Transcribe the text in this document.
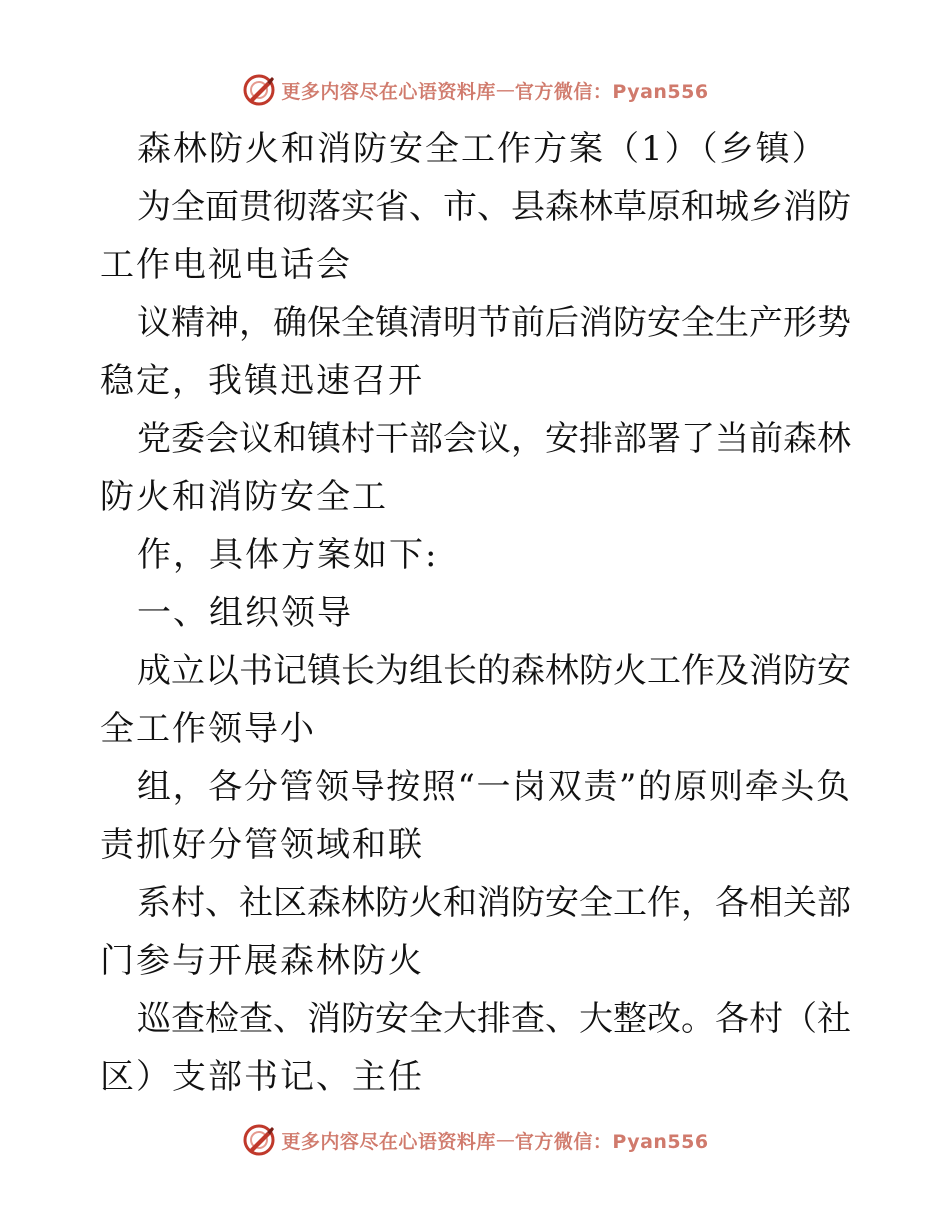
更多内容尽在心语资料库 — 官方微信：Pyan556
森林防火和消防安全工作方案（1）（乡镇）
为全面贯彻落实省、市、县森林草原和城乡消防
工作电视电话会
议精神，确保全镇清明节前后消防安全生产形势
稳定，我镇迅速召开
党委会议和镇村干部会议，安排部署了当前森林
防火和消防安全工
作，具体方案如下:
一、组织领导
成立以书记镇长为组长的森林防火工作及消防安
全工作领导小
组，各分管领导按照“一岗双责”的原则牵头负
责抓好分管领域和联
系村、社区森林防火和消防安全工作，各相关部
门参与开展森林防火
巡查检查、消防安全大排查、大整改。各村（社
区）支部书记、主任
更多内容尽在心语资料库 — 官方微信：Pyan556
